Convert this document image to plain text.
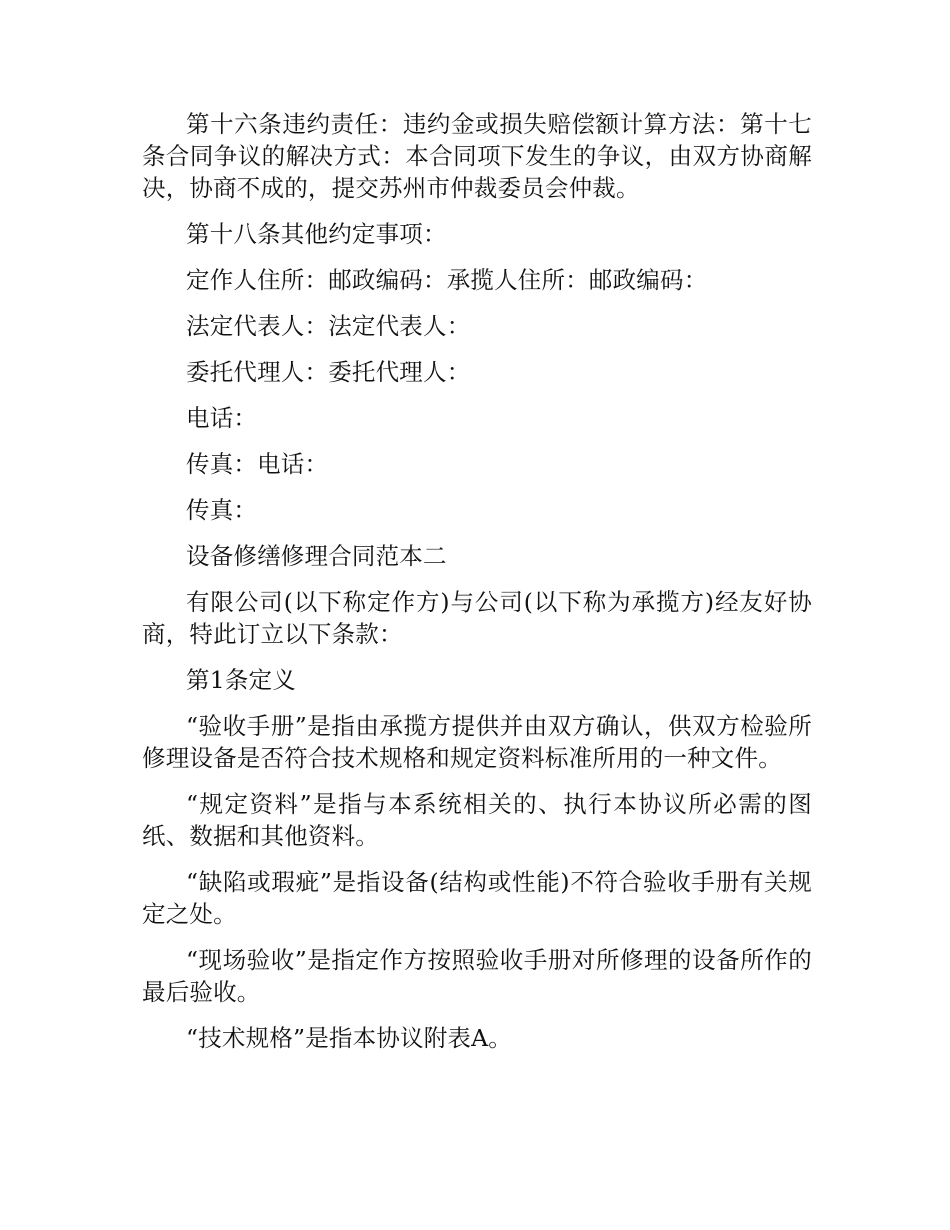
第十六条违约责任：违约金或损失赔偿额计算方法：第十七条合同争议的解决方式：本合同项下发生的争议，由双方协商解决，协商不成的，提交苏州市仲裁委员会仲裁。

第十八条其他约定事项：

定作人住所：邮政编码：承揽人住所：邮政编码：

法定代表人：法定代表人：

委托代理人：委托代理人：

电话：

传真：电话：

传真：

设备修缮修理合同范本二

有限公司(以下称定作方)与公司(以下称为承揽方)经友好协商，特此订立以下条款：

第1条定义

“验收手册”是指由承揽方提供并由双方确认，供双方检验所修理设备是否符合技术规格和规定资料标准所用的一种文件。

“规定资料”是指与本系统相关的、执行本协议所必需的图纸、数据和其他资料。

“缺陷或瑕疵”是指设备(结构或性能)不符合验收手册有关规定之处。

“现场验收”是指定作方按照验收手册对所修理的设备所作的最后验收。

“技术规格”是指本协议附表A。
